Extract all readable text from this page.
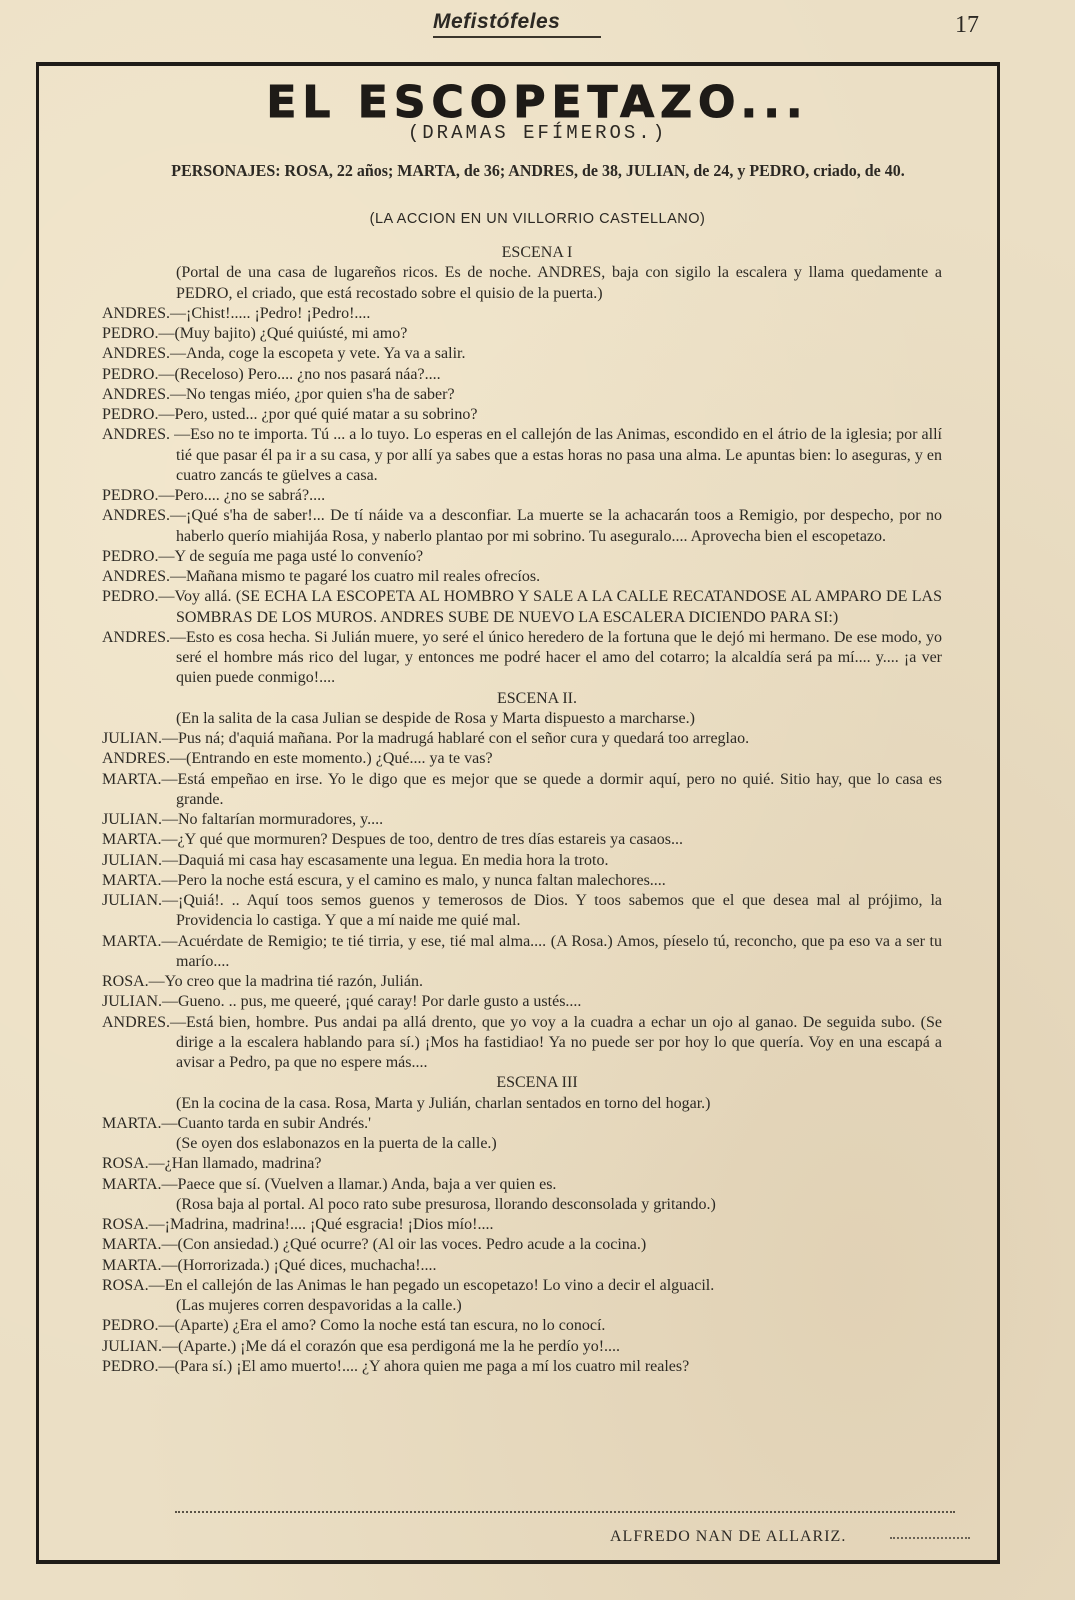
Mefistófeles	17
EL ESCOPETAZO...
(DRAMAS EFÍMEROS.)
PERSONAJES: ROSA, 22 años; MARTA, de 36; ANDRES, de 38, JULIAN, de 24, y PEDRO, criado, de 40.
(LA ACCION EN UN VILLORRIO CASTELLANO)
ESCENA I
(Portal de una casa de lugareños ricos. Es de noche. ANDRES, baja con sigilo la escalera y llama quedamente a PEDRO, el criado, que está recostado sobre el quisio de la puerta.)
ANDRES.—¡Chist!..... ¡Pedro! ¡Pedro!....
PEDRO.—(Muy bajito) ¿Qué quiústé, mi amo?
ANDRES.—Anda, coge la escopeta y vete. Ya va a salir.
PEDRO.—(Receloso) Pero.... ¿no nos pasará náa?....
ANDRES.—No tengas miéo, ¿por quien s'ha de saber?
PEDRO.—Pero, usted... ¿por qué quié matar a su sobrino?
ANDRES. —Eso no te importa. Tú ... a lo tuyo. Lo esperas en el callejón de las Animas, escondido en el átrio de la iglesia; por allí tié que pasar él pa ir a su casa, y por allí ya sabes que a estas horas no pasa una alma. Le apuntas bien: lo aseguras, y en cuatro zancás te güelves a casa.
PEDRO.—Pero.... ¿no se sabrá?....
ANDRES.—¡Qué s'ha de saber!... De tí náide va a desconfiar. La muerte se la achacarán toos a Remigio, por despecho, por no haberlo querío miahijáa Rosa, y naberlo plantao por mi sobrino. Tu aseguralo.... Aprovecha bien el escopetazo.
PEDRO.—Y de seguía me paga usté lo convenío?
ANDRES.—Mañana mismo te pagaré los cuatro mil reales ofrecíos.
PEDRO.—Voy allá. (SE ECHA LA ESCOPETA AL HOMBRO Y SALE A LA CALLE RECATANDOSE AL AMPARO DE LAS SOMBRAS DE LOS MUROS. ANDRES SUBE DE NUEVO LA ESCALERA DICIENDO PARA SI:)
ANDRES.—Esto es cosa hecha. Si Julián muere, yo seré el único heredero de la fortuna que le dejó mi hermano. De ese modo, yo seré el hombre más rico del lugar, y entonces me podré hacer el amo del cotarro; la alcaldía será pa mí.... y.... ¡a ver quien puede conmigo!....
ESCENA II.
(En la salita de la casa Julian se despide de Rosa y Marta dispuesto a marcharse.)
JULIAN.—Pus ná; d'aquiá mañana. Por la madrugá hablaré con el señor cura y quedará too arreglao.
ANDRES.—(Entrando en este momento.) ¿Qué.... ya te vas?
MARTA.—Está empeñao en irse. Yo le digo que es mejor que se quede a dormir aquí, pero no quié. Sitio hay, que lo casa es grande.
JULIAN.—No faltarían mormuradores, y....
MARTA.—¿Y qué que mormuren? Despues de too, dentro de tres días estareis ya casaos...
JULIAN.—Daquiá mi casa hay escasamente una legua. En media hora la troto.
MARTA.—Pero la noche está escura, y el camino es malo, y nunca faltan malechores....
JULIAN.—¡Quiá!. .. Aquí toos semos guenos y temerosos de Dios. Y toos sabemos que el que desea mal al prójimo, la Providencia lo castiga. Y que a mí naide me quié mal.
MARTA.—Acuérdate de Remigio; te tié tirria, y ese, tié mal alma.... (A Rosa.) Amos, píeselo tú, reconcho, que pa eso va a ser tu marío....
ROSA.—Yo creo que la madrina tié razón, Julián.
JULIAN.—Gueno. .. pus, me queeré, ¡qué caray! Por darle gusto a ustés....
ANDRES.—Está bien, hombre. Pus andai pa allá drento, que yo voy a la cuadra a echar un ojo al ganao. De seguida subo. (Se dirige a la escalera hablando para sí.) ¡Mos ha fastidiao! Ya no puede ser por hoy lo que quería. Voy en una escapá a avisar a Pedro, pa que no espere más....
ESCENA III
(En la cocina de la casa. Rosa, Marta y Julián, charlan sentados en torno del hogar.)
MARTA.—Cuanto tarda en subir Andrés.'
(Se oyen dos eslabonazos en la puerta de la calle.)
ROSA.—¿Han llamado, madrina?
MARTA.—Paece que sí. (Vuelven a llamar.) Anda, baja a ver quien es.
(Rosa baja al portal. Al poco rato sube presurosa, llorando desconsolada y gritando.)
ROSA.—¡Madrina, madrina!.... ¡Qué esgracia! ¡Dios mío!....
MARTA.—(Con ansiedad.) ¿Qué ocurre? (Al oir las voces. Pedro acude a la cocina.)
MARTA.—(Horrorizada.) ¡Qué dices, muchacha!....
ROSA.—En el callejón de las Animas le han pegado un escopetazo! Lo vino a decir el alguacil.
(Las mujeres corren despavoridas a la calle.)
PEDRO.—(Aparte) ¿Era el amo? Como la noche está tan escura, no lo conocí.
JULIAN.—(Aparte.) ¡Me dá el corazón que esa perdigoná me la he perdío yo!....
PEDRO.—(Para sí.) ¡El amo muerto!.... ¿Y ahora quien me paga a mí los cuatro mil reales?
ALFREDO NAN DE ALLARIZ.
